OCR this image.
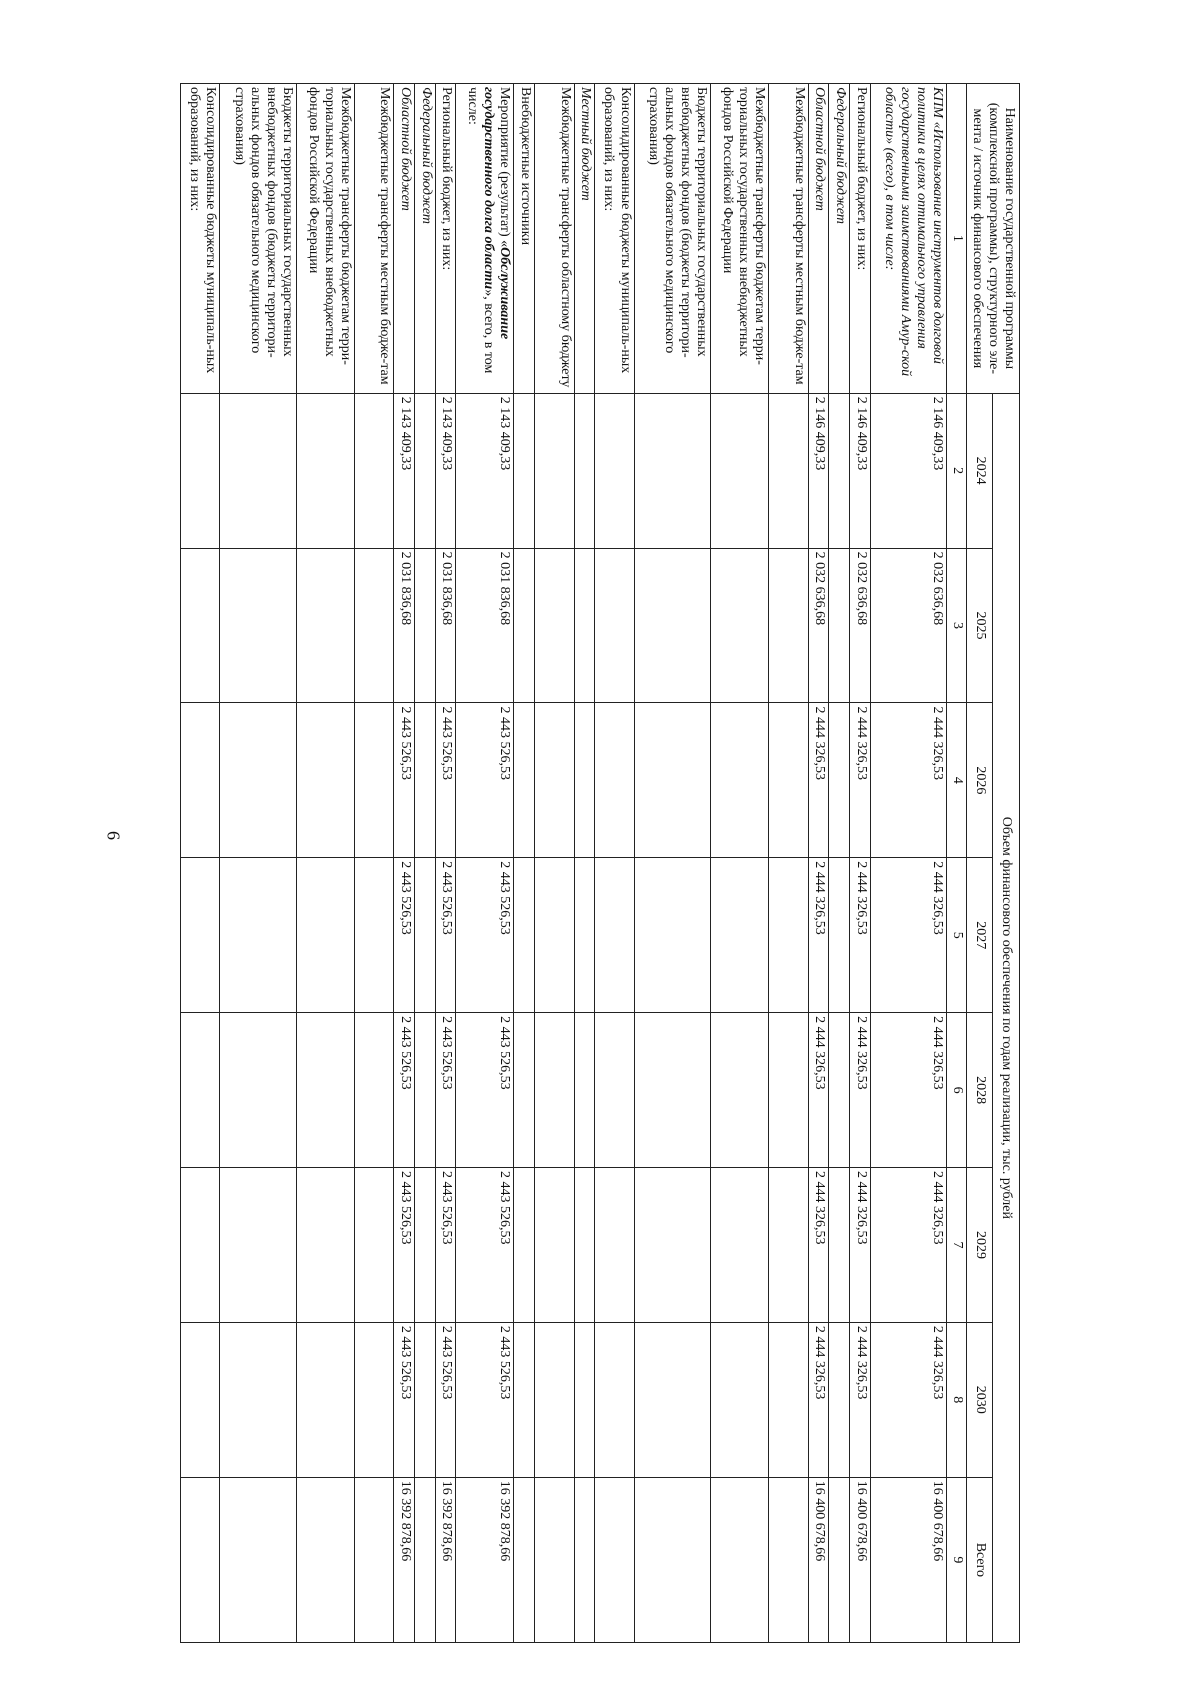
6
Наименование государственной программы (комплексной программы), структурного эле-мента / источник финансового обеспечения	Объем финансового обеспечения по годам реализации, тыс. рублей							
	2024	2025	2026	2027	2028	2029	2030	Всего
1	2	3	4	5	6	7	8	9
КПМ «Использование инструментов долговой политики в целях оптимального управления государственными заимствованиями Амур-ской области» (всего), в том числе:	2 146 409,33	2 032 636,68	2 444 326,53	2 444 326,53	2 444 326,53	2 444 326,53	2 444 326,53	16 400 678,66
Региональный бюджет, из них:	2 146 409,33	2 032 636,68	2 444 326,53	2 444 326,53	2 444 326,53	2 444 326,53	2 444 326,53	16 400 678,66
Федеральный бюджет								
Областной бюджет	2 146 409,33	2 032 636,68	2 444 326,53	2 444 326,53	2 444 326,53	2 444 326,53	2 444 326,53	16 400 678,66
Межбюджетные трансферты местным бюдже-там								
Межбюджетные трансферты бюджетам терри-ториальных государственных внебюджетных фондов Российской Федерации								
Бюджеты территориальных государственных внебюджетных фондов (бюджеты территори-альных фондов обязательного медицинского страхования)								
Консолидированные бюджеты муниципаль-ных образований, из них:								
Местный бюджет								
Межбюджетные трансферты областному бюджету								
Внебюджетные источники								
Мероприятие (результат) «Обслуживание государственного долга области», всего, в том числе:	2 143 409,33	2 031 836,68	2 443 526,53	2 443 526,53	2 443 526,53	2 443 526,53	2 443 526,53	16 392 878,66
Региональный бюджет, из них:	2 143 409,33	2 031 836,68	2 443 526,53	2 443 526,53	2 443 526,53	2 443 526,53	2 443 526,53	16 392 878,66
Федеральный бюджет								
Областной бюджет	2 143 409,33	2 031 836,68	2 443 526,53	2 443 526,53	2 443 526,53	2 443 526,53	2 443 526,53	16 392 878,66
Межбюджетные трансферты местным бюдже-там								
Межбюджетные трансферты бюджетам терри-ториальных государственных внебюджетных фондов Российской Федерации								
Бюджеты территориальных государственных внебюджетных фондов (бюджеты территори-альных фондов обязательного медицинского страхования)								
Консолидированные бюджеты муниципаль-ных образований, из них:								
